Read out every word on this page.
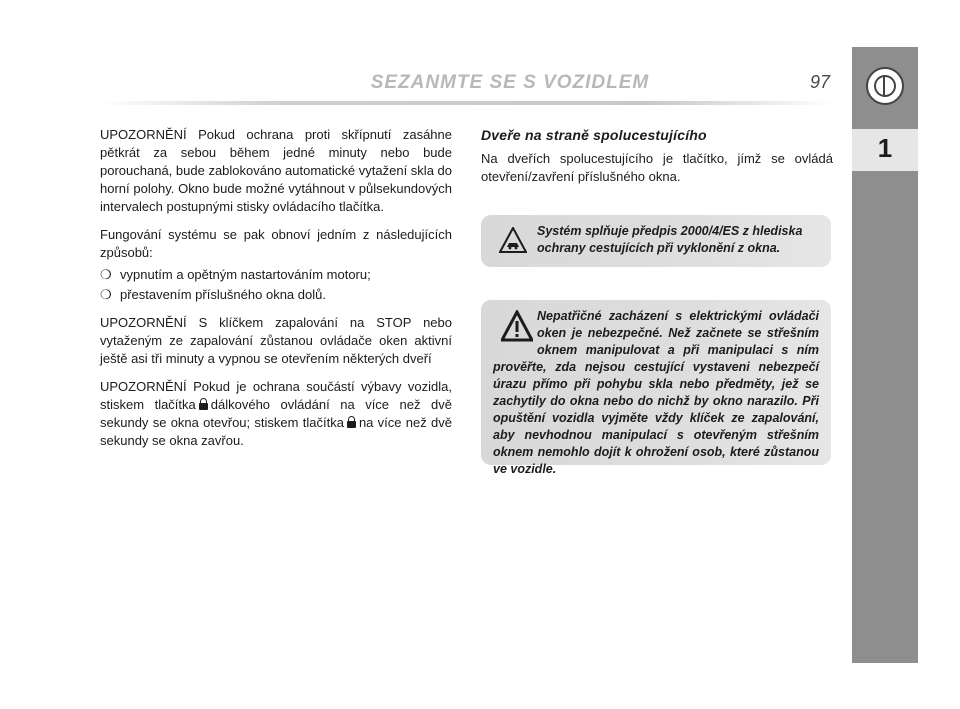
1
SEZANMTE SE S VOZIDLEM	97

UPOZORNĚNÍ Pokud ochrana proti skřípnutí zasáhne pětkrát za sebou během jedné minuty nebo bude porouchaná, bude zablokováno automatické vytažení skla do horní polohy. Okno bude možné vytáhnout v půlsekundových intervalech postupnými stisky ovládacího tlačítka.

Fungování systému se pak obnoví jedním z následujících způsobů:

❍ vypnutím a opětným nastartováním motoru;
❍ přestavením příslušného okna dolů.

UPOZORNĚNÍ S klíčkem zapalování na STOP nebo vytaženým ze zapalování zůstanou ovládače oken aktivní ještě asi tři minuty a vypnou se otevřením některých dveří

UPOZORNĚNÍ Pokud je ochrana součástí výbavy vozidla, stiskem tlačítka dálkového ovládání na více než dvě sekundy se okna otevřou; stiskem tlačítka na více než dvě sekundy se okna zavřou.

Dveře na straně spolucestujícího

Na dveřích spolucestujícího je tlačítko, jímž se ovládá otevření/zavření příslušného okna.

Systém splňuje předpis 2000/4/ES z hlediska ochrany cestujících při vyklonění z okna.
Nepatřičné zacházení s elektrickými ovládači oken je nebezpečné. Než začnete se střešním oknem manipulovat a při manipulaci s ním prověřte, zda nejsou cestující vystaveni nebezpečí úrazu přímo při pohybu skla nebo předměty, jež se zachytily do okna nebo do nichž by okno narazilo. Při opuštění vozidla vyjměte vždy klíček ze zapalování, aby nevhodnou manipulací s otevřeným střešním oknem nemohlo dojít k ohrožení osob, které zůstanou ve vozidle.
